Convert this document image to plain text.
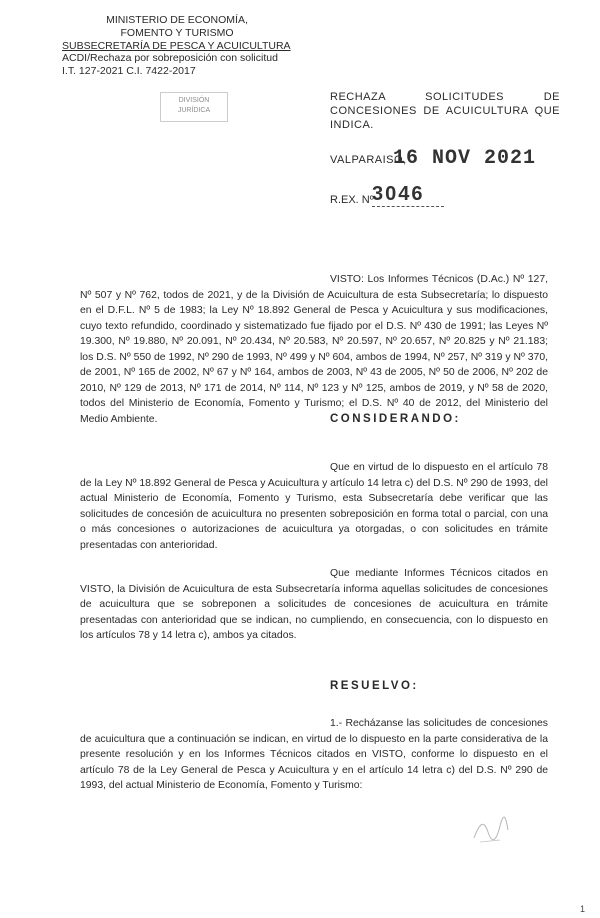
MINISTERIO DE ECONOMÍA,
FOMENTO Y TURISMO
SUBSECRETARÍA DE PESCA Y ACUICULTURA
ACDI/Rechaza por sobreposición con solicitud
I.T. 127-2021 C.I. 7422-2017
DIVISIÓN
JURÍDICA
RECHAZA SOLICITUDES DE CONCESIONES DE ACUICULTURA QUE INDICA.
VALPARAISO,
16 NOV 2021
R.EX. Nº
3046
VISTO: Los Informes Técnicos (D.Ac.) Nº 127, Nº 507 y Nº 762, todos de 2021, y de la División de Acuicultura de esta Subsecretaría; lo dispuesto en el D.F.L. Nº 5 de 1983; la Ley Nº 18.892 General de Pesca y Acuicultura y sus modificaciones, cuyo texto refundido, coordinado y sistematizado fue fijado por el D.S. Nº 430 de 1991; las Leyes Nº 19.300, Nº 19.880, Nº 20.091, Nº 20.434, Nº 20.583, Nº 20.597, Nº 20.657, Nº 20.825 y Nº 21.183; los D.S. Nº 550 de 1992, Nº 290 de 1993, Nº 499 y Nº 604, ambos de 1994, Nº 257, Nº 319 y Nº 370, de 2001, Nº 165 de 2002, Nº 67 y Nº 164, ambos de 2003, Nº 43 de 2005, Nº 50 de 2006, Nº 202 de 2010, Nº 129 de 2013, Nº 171 de 2014, Nº 114, Nº 123 y Nº 125, ambos de 2019, y Nº 58 de 2020, todos del Ministerio de Economía, Fomento y Turismo; el D.S. Nº 40 de 2012, del Ministerio del Medio Ambiente.	CONSIDERANDO:
Que en virtud de lo dispuesto en el artículo 78 de la Ley Nº 18.892 General de Pesca y Acuicultura y artículo 14 letra c) del D.S. Nº 290 de 1993, del actual Ministerio de Economía, Fomento y Turismo, esta Subsecretaría debe verificar que las solicitudes de concesión de acuicultura no presenten sobreposición en forma total o parcial, con una o más concesiones o autorizaciones de acuicultura ya otorgadas, o con solicitudes en trámite presentadas con anterioridad.
Que mediante Informes Técnicos citados en VISTO, la División de Acuicultura de esta Subsecretaría informa aquellas solicitudes de concesiones de acuicultura que se sobreponen a solicitudes de concesiones de acuicultura en trámite presentadas con anterioridad que se indican, no cumpliendo, en consecuencia, con lo dispuesto en los artículos 78 y 14 letra c), ambos ya citados.
RESUELVO:
1.- Recházanse las solicitudes de concesiones de acuicultura que a continuación se indican, en virtud de lo dispuesto en la parte considerativa de la presente resolución y en los Informes Técnicos citados en VISTO, conforme lo dispuesto en el artículo 78 de la Ley General de Pesca y Acuicultura y en el artículo 14 letra c) del D.S. Nº 290 de 1993, del actual Ministerio de Economía, Fomento y Turismo:
1
